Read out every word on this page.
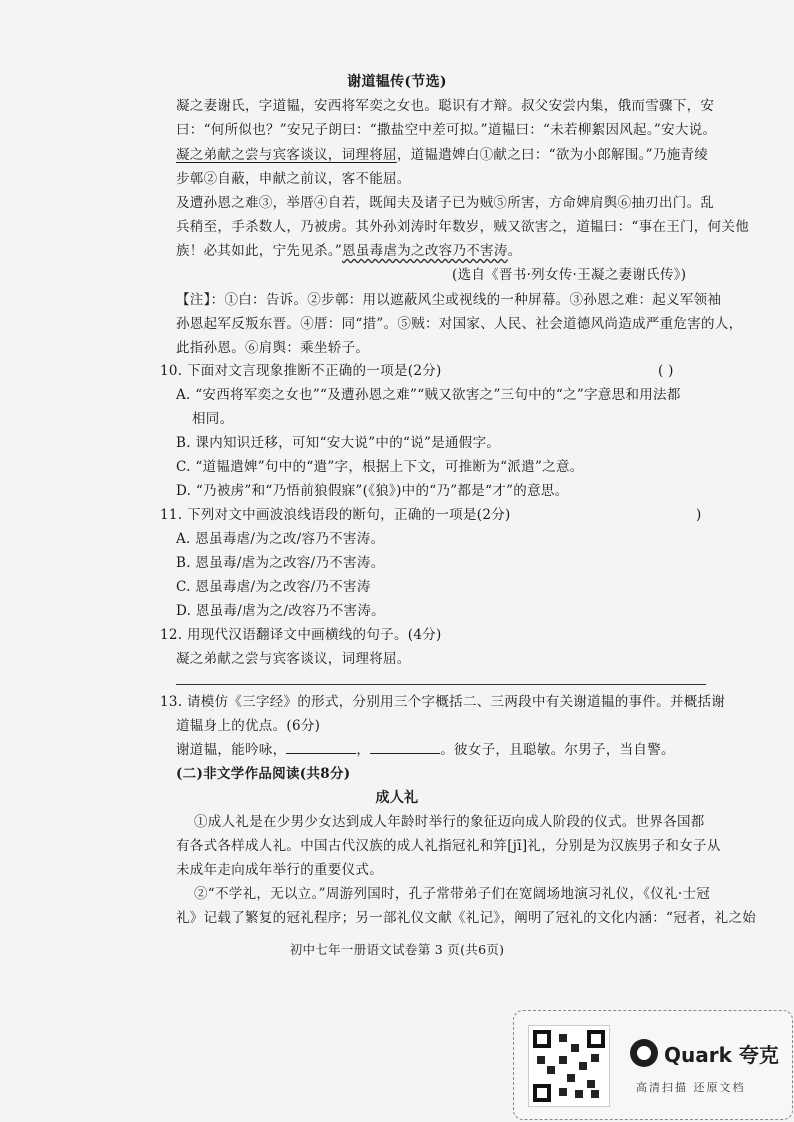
谢道韫传(节选)
凝之妻谢氏，字道韫，安西将军奕之女也。聪识有才辩。叔父安尝内集，俄而雪骤下，安
曰：“何所似也？”安兄子朗曰：“撒盐空中差可拟。”道韫曰：“未若柳絮因风起。”安大说。
凝之弟献之尝与宾客谈议，词理将屈，道韫遣婢白①献之曰：“欲为小郎解围。”乃施青绫
步鄣②自蔽，申献之前议，客不能屈。
及遭孙恩之难③，举厝④自若，既闻夫及诸子已为贼⑤所害，方命婢肩舆⑥抽刃出门。乱
兵稍至，手杀数人，乃被虏。其外孙刘涛时年数岁，贼又欲害之，道韫曰：“事在王门，何关他
族！必其如此，宁先见杀。”恩虽毒虐为之改容乃不害涛。
(选自《晋书·列女传·王凝之妻谢氏传》)
【注】：①白：告诉。②步鄣：用以遮蔽风尘或视线的一种屏幕。③孙恩之难：起义军领袖
孙恩起军反叛东晋。④厝：同“措”。⑤贼：对国家、人民、社会道德风尚造成严重危害的人，
此指孙恩。⑥肩舆：乘坐轿子。
10. 下面对文言现象推断不正确的一项是(2分)	( )
A. “安西将军奕之女也”“及遭孙恩之难”“贼又欲害之”三句中的“之”字意思和用法都
相同。
B. 课内知识迁移，可知“安大说”中的“说”是通假字。
C. “道韫遣婢”句中的“遣”字，根据上下文，可推断为“派遣”之意。
D. “乃被虏”和“乃悟前狼假寐”(《狼》)中的“乃”都是“才”的意思。
11. 下列对文中画波浪线语段的断句，正确的一项是(2分)	)
A. 恩虽毒虐/为之改/容乃不害涛。
B. 恩虽毒/虐为之改容/乃不害涛。
C. 恩虽毒虐/为之改容/乃不害涛
D. 恩虽毒/虐为之/改容乃不害涛。
12. 用现代汉语翻译文中画横线的句子。(4分)
凝之弟献之尝与宾客谈议，词理将屈。
13. 请模仿《三字经》的形式，分别用三个字概括二、三两段中有关谢道韫的事件。并概括谢
道韫身上的优点。(6分)
谢道韫，能吟咏，	，	。彼女子，且聪敏。尔男子，当自警。
(二)非文学作品阅读(共8分)
成人礼
①成人礼是在少男少女达到成人年龄时举行的象征迈向成人阶段的仪式。世界各国都
有各式各样成人礼。中国古代汉族的成人礼指冠礼和笄[jī]礼，分别是为汉族男子和女子从
未成年走向成年举行的重要仪式。
②“不学礼，无以立。”周游列国时，孔子常带弟子们在宽阔场地演习礼仪，《仪礼·士冠
礼》记载了繁复的冠礼程序；另一部礼仪文献《礼记》，阐明了冠礼的文化内涵：“冠者，礼之始
初中七年一册语文试卷第 3 页(共6页)
Quark 夸克
高清扫描 还原文档
